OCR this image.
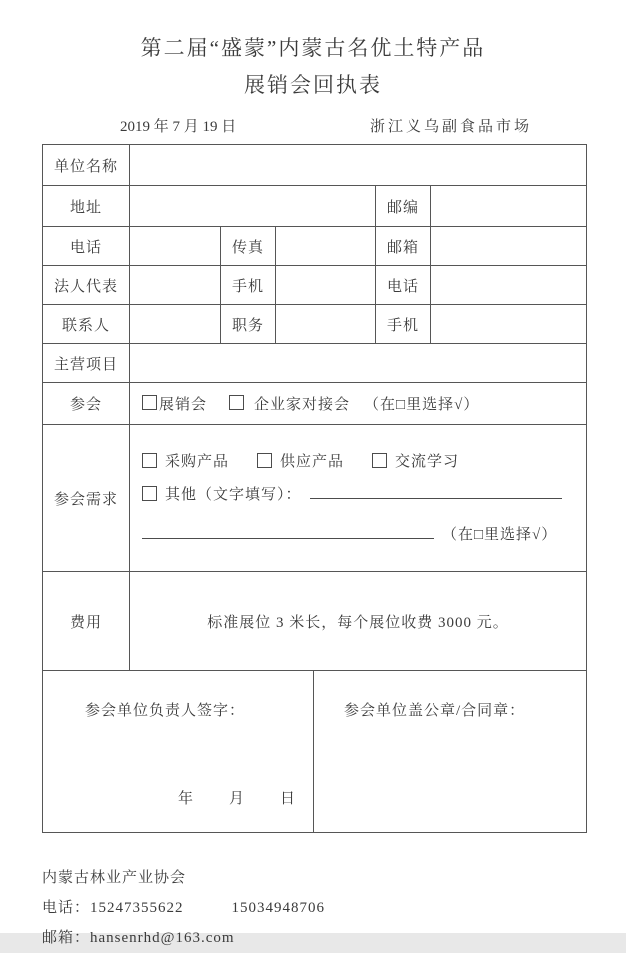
第二届“盛蒙”内蒙古名优土特产品
展销会回执表
2019 年 7 月 19 日	浙江义乌副食品市场
单位名称					
地址				邮编	
电话		传真		邮箱	
法人代表		手机		电话	
联系人		职务		手机	
主营项目					
参会	展销会 企业家对接会 （在□里选择√）				
参会需求	采购产品 供应产品 交流学习
其他（文字填写）：
（在□里选择√）				

费用	标准展位 3 米长，每个展位收费 3000 元。				
参会单位负责人签字：
年　　月　　日
	参会单位盖公章/合同章：
内蒙古林业产业协会
电话：15247355622	15034948706
邮箱：hansenrhd@163.com
